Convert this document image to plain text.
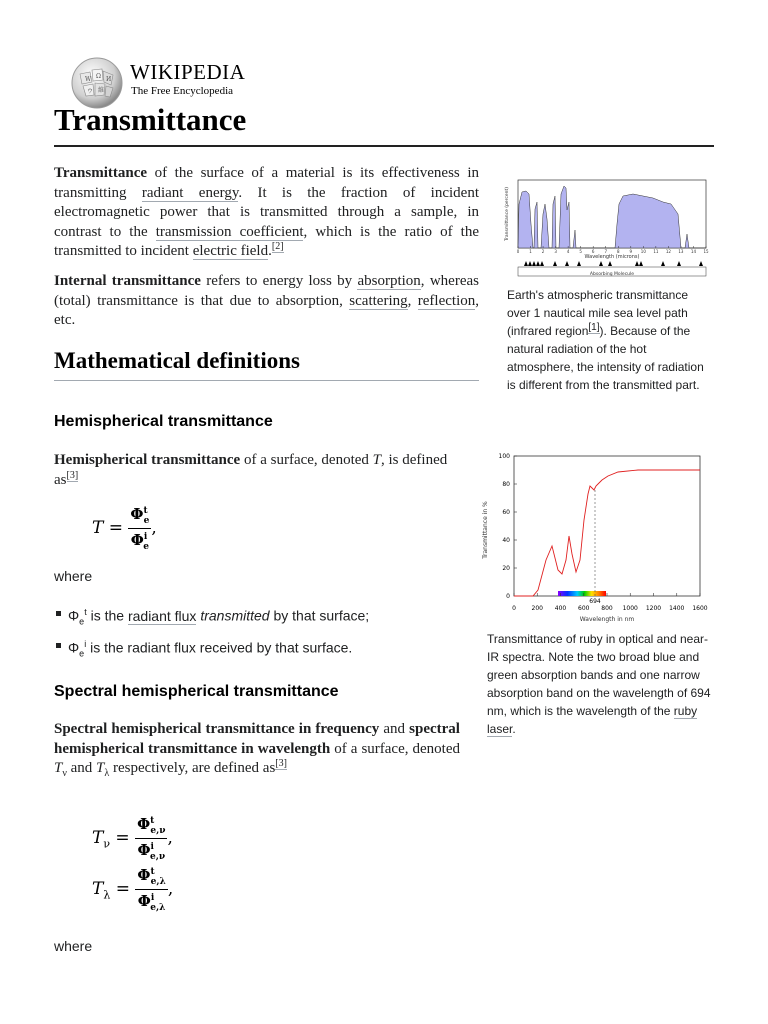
W Ω И
ウ 維
WIKIPEDIA
The Free Encyclopedia
Transmittance
Transmittance of the surface of a material is its effectiveness in transmitting radiant energy. It is the fraction of incident electromagnetic power that is transmitted through a sample, in contrast to the transmission coefficient, which is the ratio of the transmitted to incident electric field.[2]
Internal transmittance refers to energy loss by absorption, whereas (total) transmittance is that due to absorption, scattering, reflection, etc.
Mathematical definitions
Hemispherical transmittance
Hemispherical transmittance of a surface, denoted T, is defined as[3]
$T = \frac{\Phi^t_e}{\Phi^i_e}$ ,
where
$\Phi_e^t$ is the radiant flux transmitted by that surface;
$\Phi_e^i$ is the radiant flux received by that surface.
Spectral hemispherical transmittance
Spectral hemispherical transmittance in frequency and spectral hemispherical transmittance in wavelength of a surface, denoted $T_\nu$ and $T_\lambda$ respectively, are defined as[3]
$T_\nu = \frac{\Phi^t_{e,\nu}}{\Phi^i_{e,\nu}}$ ,
$T_\lambda = \frac{\Phi^t_{e,\lambda}}{\Phi^i_{e,\lambda}}$ ,
where
Transmittance (percent)
0 1 2 3 4 5 6 7 8 9 10 11 12 13 14 15
Wavelength (microns)
Absorbing Molecule
Earth's atmospheric transmittance over 1 nautical mile sea level path (infrared region[1]). Because of the natural radiation of the hot atmosphere, the intensity of radiation is different from the transmitted part.
694
0
20
40
60
80
100
0	200 400 600 800 1000 1200 1400 1600
Transmittance in %
Wavelength in nm
Transmittance of ruby in optical and near-IR spectra. Note the two broad blue and green absorption bands and one narrow absorption band on the wavelength of 694 nm, which is the wavelength of the ruby laser.
